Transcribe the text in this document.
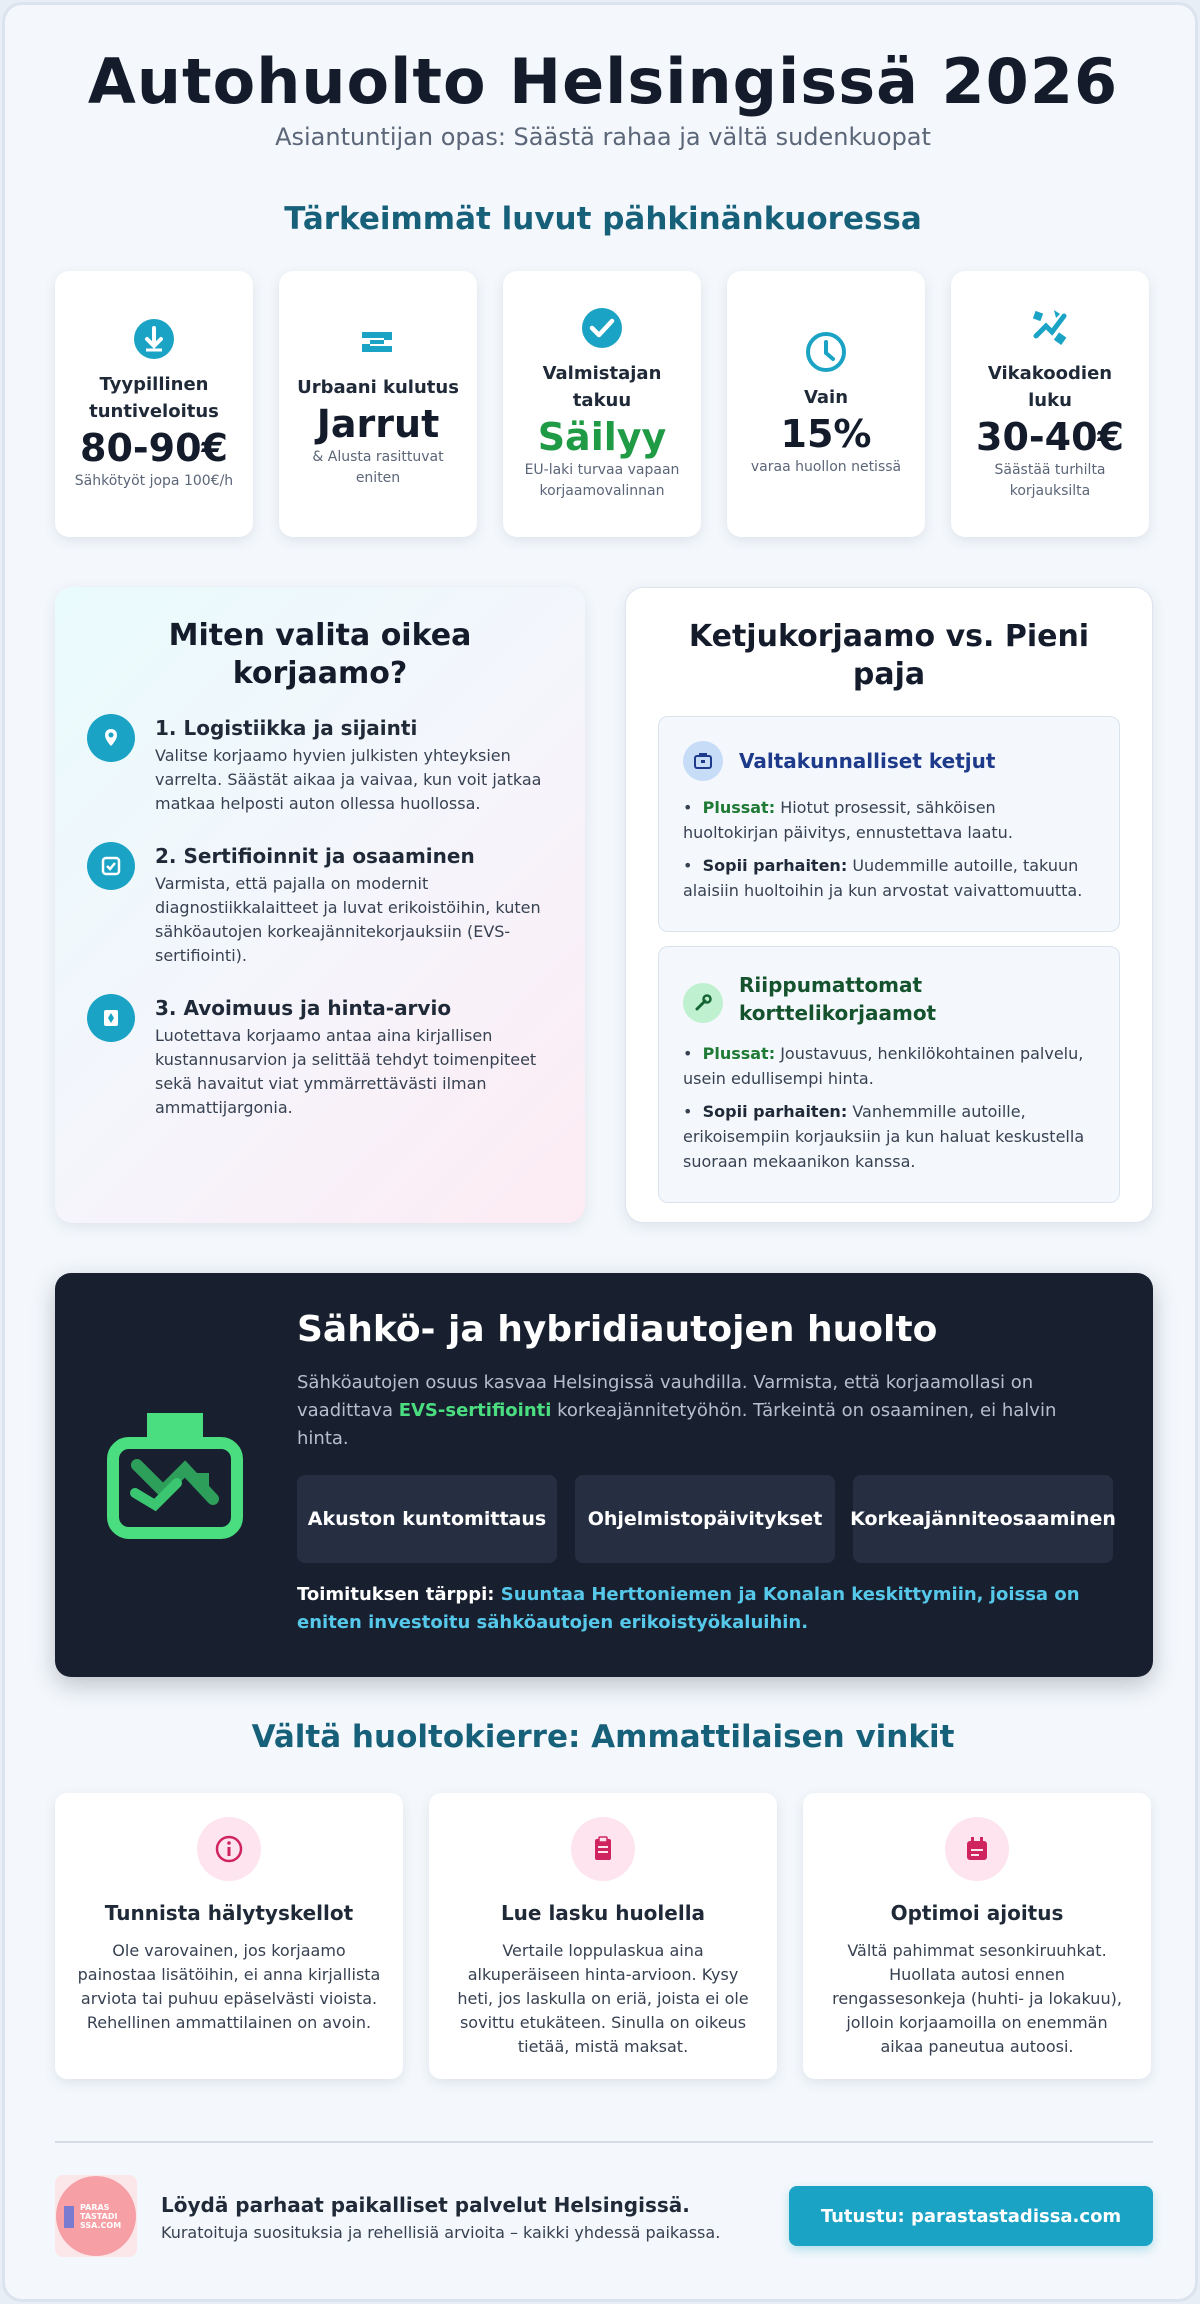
Autohuolto Helsingissä 2026
Asiantuntijan opas: Säästä rahaa ja vältä sudenkuopat
Tärkeimmät luvut pähkinänkuoressa
Tyypillinen tuntiveloitus
80-90€
Sähkötyöt jopa 100€/h
Urbaani kulutus
Jarrut
& Alusta rasittuvat eniten
Valmistajan takuu
Säilyy
EU-laki turvaa vapaan korjaamovalinnan
Vain
15%
varaa huollon netissä
Vikakoodien luku
30-40€
Säästää turhilta korjauksilta
Miten valita oikea korjaamo?
1. Logistiikka ja sijainti
Valitse korjaamo hyvien julkisten yhteyksien varrelta. Säästät aikaa ja vaivaa, kun voit jatkaa matkaa helposti auton ollessa huollossa.
2. Sertifioinnit ja osaaminen
Varmista, että pajalla on modernit diagnostiikkalaitteet ja luvat erikoistöihin, kuten sähköautojen korkeajännitekorjauksiin (EVS-sertifiointi).
3. Avoimuus ja hinta-arvio
Luotettava korjaamo antaa aina kirjallisen kustannusarvion ja selittää tehdyt toimenpiteet sekä havaitut viat ymmärrettävästi ilman ammattijargonia.
Ketjukorjaamo vs. Pieni paja
Valtakunnalliset ketjut
•  Plussat: Hiotut prosessit, sähköisen huoltokirjan päivitys, ennustettava laatu.
•  Sopii parhaiten: Uudemmille autoille, takuun alaisiin huoltoihin ja kun arvostat vaivattomuutta.
Riippumattomat korttelikorjaamot
•  Plussat: Joustavuus, henkilökohtainen palvelu, usein edullisempi hinta.
•  Sopii parhaiten: Vanhemmille autoille, erikoisempiin korjauksiin ja kun haluat keskustella suoraan mekaanikon kanssa.
Sähkö- ja hybridiautojen huolto
Sähköautojen osuus kasvaa Helsingissä vauhdilla. Varmista, että korjaamollasi on vaadittava EVS-sertifiointi korkeajännitetyöhön. Tärkeintä on osaaminen, ei halvin hinta.
Akuston kuntomittaus	Ohjelmistopäivitykset	Korkeajänniteosaaminen
Toimituksen tärppi: Suuntaa Herttoniemen ja Konalan keskittymiin, joissa on eniten investoitu sähköautojen erikoistyökaluihin.
Vältä huoltokierre: Ammattilaisen vinkit
Tunnista hälytyskellot
Ole varovainen, jos korjaamo painostaa lisätöihin, ei anna kirjallista arviota tai puhuu epäselvästi vioista. Rehellinen ammattilainen on avoin.
Lue lasku huolella
Vertaile loppulaskua aina alkuperäiseen hinta-arvioon. Kysy heti, jos laskulla on eriä, joista ei ole sovittu etukäteen. Sinulla on oikeus tietää, mistä maksat.
Optimoi ajoitus
Vältä pahimmat sesonkiruuhkat. Huollata autosi ennen rengassesonkeja (huhti- ja lokakuu), jolloin korjaamoilla on enemmän aikaa paneutua autoosi.
PARAS
TASTADI
SSA.COM
Löydä parhaat paikalliset palvelut Helsingissä.
Kuratoituja suosituksia ja rehellisiä arvioita – kaikki yhdessä paikassa.
Tutustu: parastastadissa.com
